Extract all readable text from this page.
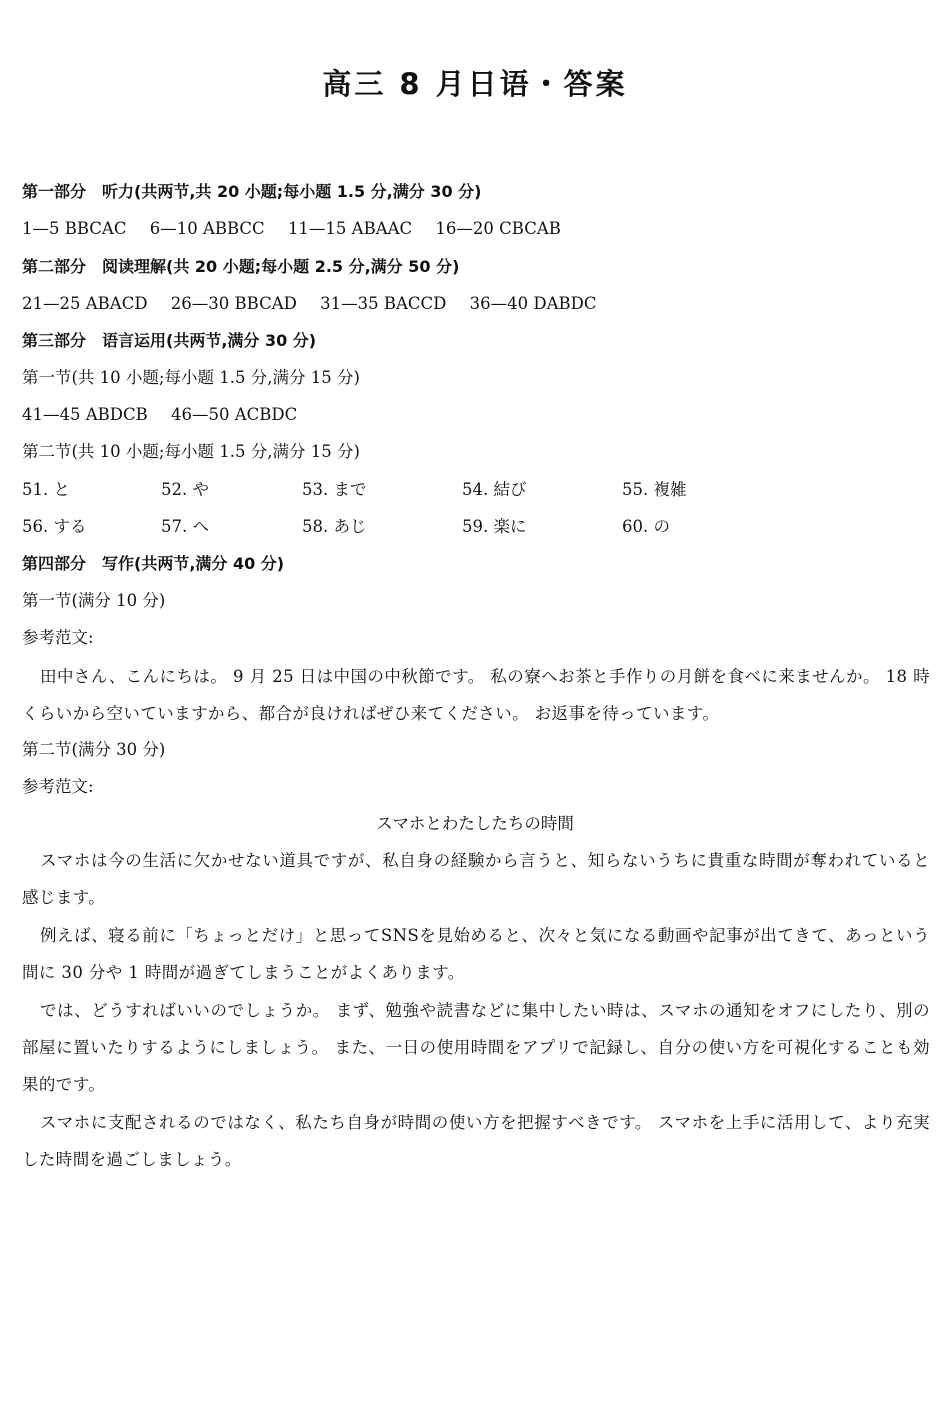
高三 8 月日语・答案
第一部分　听力(共两节,共 20 小题;每小题 1.5 分,满分 30 分)
1—5 BBCAC 6—10 ABBCC 11—15 ABAAC 16—20 CBCAB
第二部分　阅读理解(共 20 小题;每小题 2.5 分,满分 50 分)
21—25 ABACD 26—30 BBCAD 31—35 BACCD 36—40 DABDC
第三部分　语言运用(共两节,满分 30 分)
第一节(共 10 小题;每小题 1.5 分,满分 15 分)
41—45 ABDCB 46—50 ACBDC
第二节(共 10 小题;每小题 1.5 分,满分 15 分)
51. と	52. や	53. まで	54. 結び	55. 複雑
56. する	57. へ	58. あじ	59. 楽に	60. の
第四部分　写作(共两节,满分 40 分)
第一节(满分 10 分)
参考范文:
田中さん、こんにちは。 9 月 25 日は中国の中秋節です。 私の寮へお茶と手作りの月餅を食べに来ませんか。 18 時くらいから空いていますから、都合が良ければぜひ来てください。 お返事を待っています。
第二节(满分 30 分)
参考范文:
スマホとわたしたちの時間
スマホは今の生活に欠かせない道具ですが、私自身の経験から言うと、知らないうちに貴重な時間が奪われていると感じます。
例えば、寝る前に「ちょっとだけ」と思ってSNSを見始めると、次々と気になる動画や記事が出てきて、あっという間に 30 分や 1 時間が過ぎてしまうことがよくあります。
では、どうすればいいのでしょうか。 まず、勉強や読書などに集中したい時は、スマホの通知をオフにしたり、別の部屋に置いたりするようにしましょう。 また、一日の使用時間をアプリで記録し、自分の使い方を可視化することも効果的です。
スマホに支配されるのではなく、私たち自身が時間の使い方を把握すべきです。 スマホを上手に活用して、より充実した時間を過ごしましょう。
